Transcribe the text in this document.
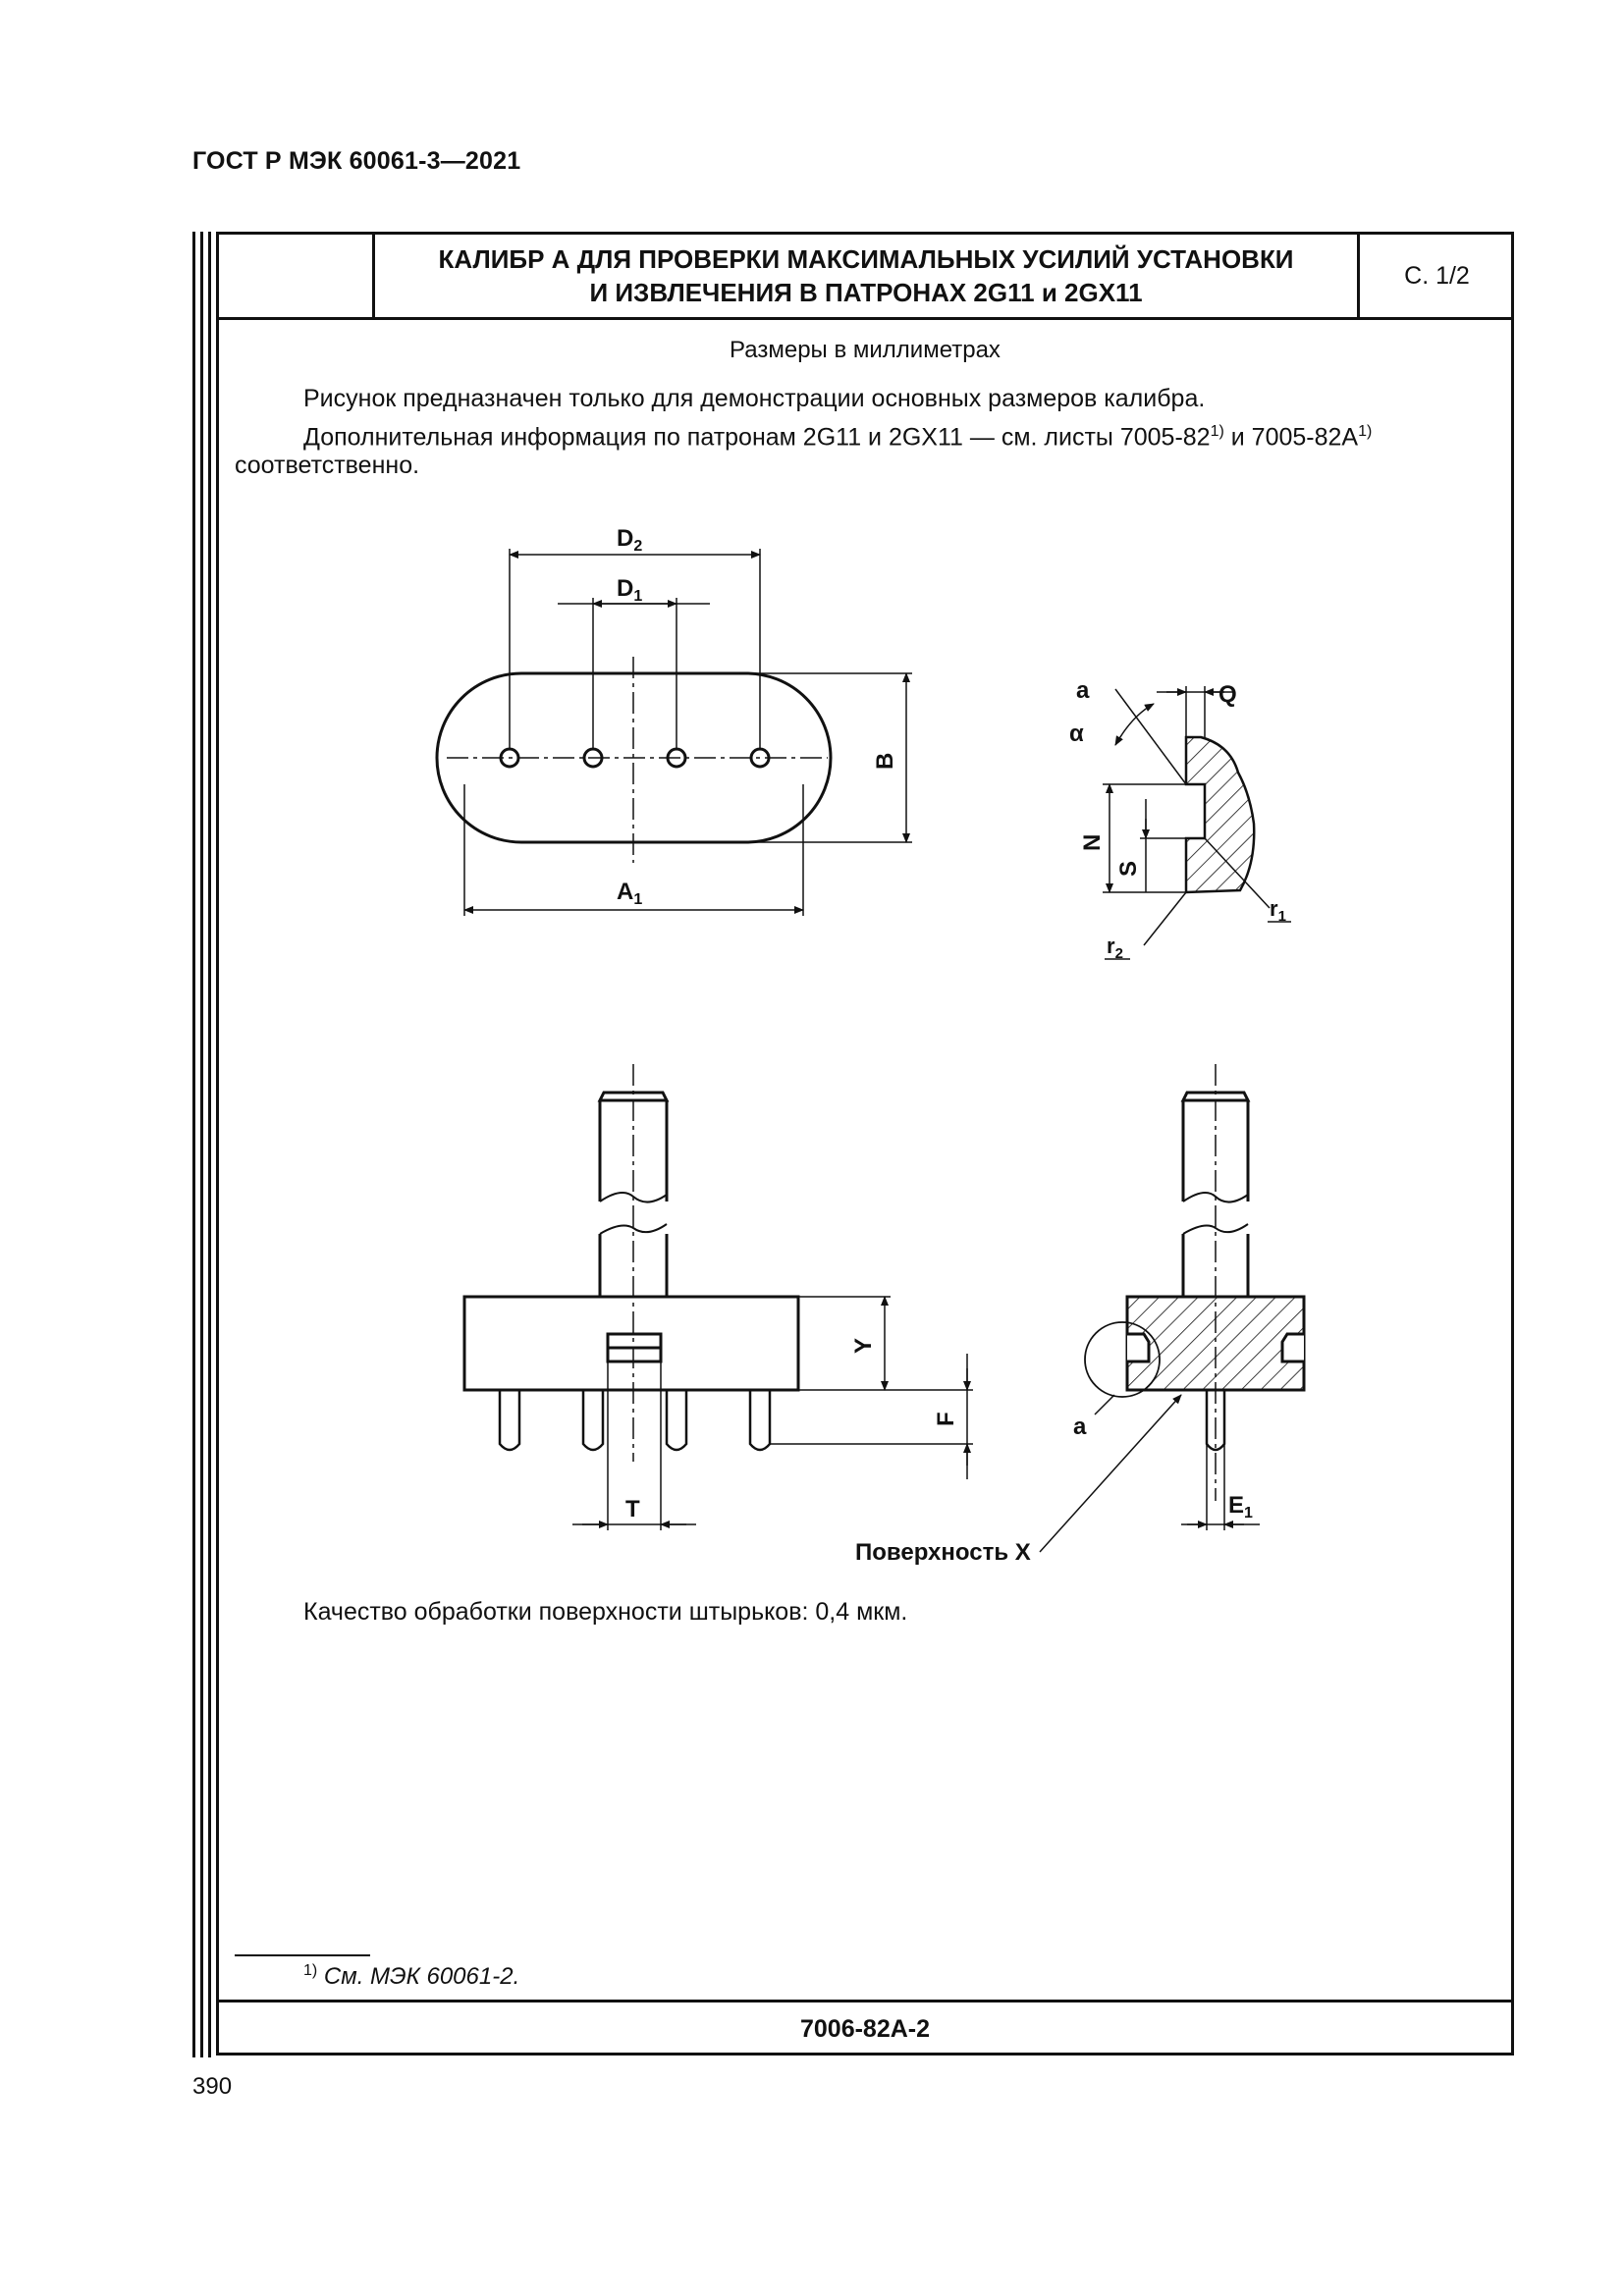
ГОСТ Р МЭК 60061-3—2021
КАЛИБР А ДЛЯ ПРОВЕРКИ МАКСИМАЛЬНЫХ УСИЛИЙ УСТАНОВКИ
И ИЗВЛЕЧЕНИЯ В ПАТРОНАХ 2G11 и 2GX11
С. 1/2
Размеры в миллиметрах
Рисунок предназначен только для демонстрации основных размеров калибра.
Дополнительная информация по патронам 2G11 и 2GX11 — см. листы 7005-82$^{1)}$ и $7005-82A^{1)}$
соответственно.
$D_2$
$D_1$
B
$A_1$
a	Q
α
N
S
$r_1$
$r_2$
Y
F
T
a
$E_1$
Поверхность X
Качество обработки поверхности штырьков: 0,4 мкм.
$^{1)}$ См. МЭК 60061-2.
7006-82A-2
390
